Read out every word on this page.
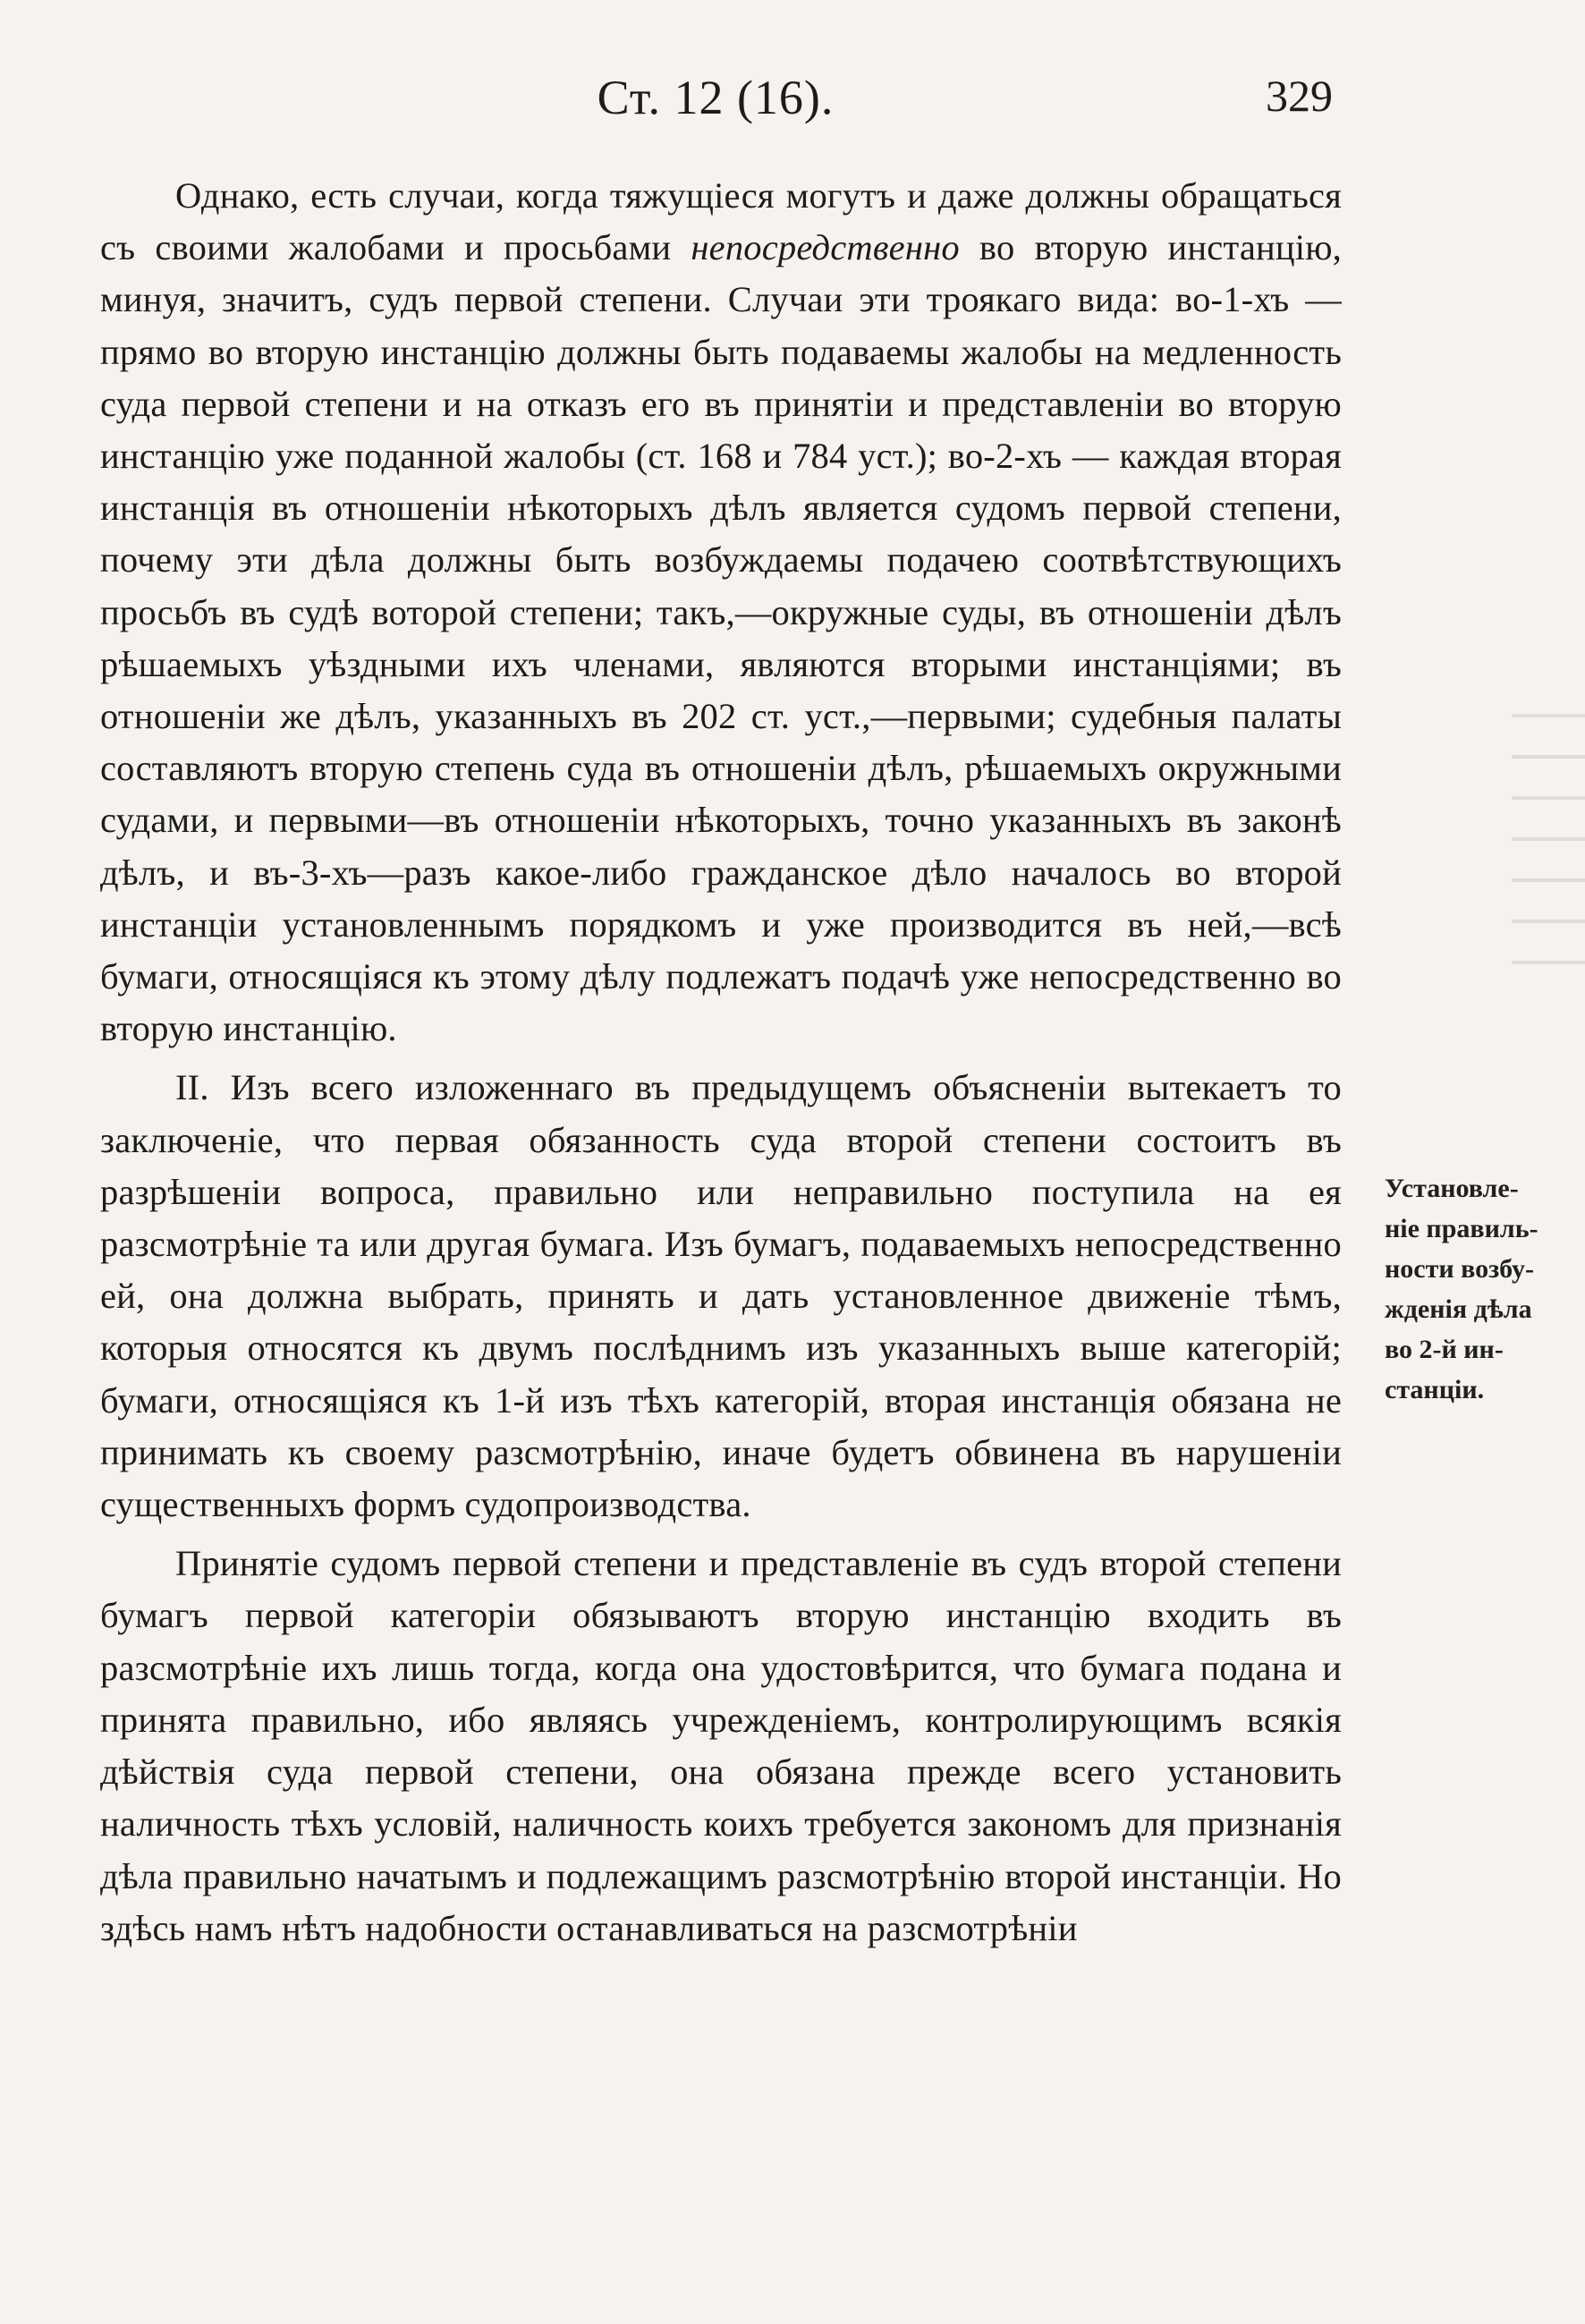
Ст. 12 (16).	329

Однако, есть случаи, когда тяжущіеся могутъ и даже должны обращаться съ своими жалобами и просьбами непосредственно во вторую инстанцію, минуя, значитъ, судъ первой степени. Случаи эти троякаго вида: во-1-хъ — прямо во вторую инстанцію должны быть подаваемы жалобы на медленность суда первой степени и на отказъ его въ принятіи и представленіи во вторую инстанцію уже поданной жалобы (ст. 168 и 784 уст.); во-2-хъ — каждая вторая инстанція въ отношеніи нѣкоторыхъ дѣлъ является судомъ первой степени, почему эти дѣла должны быть возбуждаемы подачею соотвѣтствующихъ просьбъ въ судѣ воторой степени; такъ,—окружные суды, въ отношеніи дѣлъ рѣшаемыхъ уѣздными ихъ членами, являются вторыми инстанціями; въ отношеніи же дѣлъ, указанныхъ въ 202 ст. уст.,—первыми; судебныя палаты составляютъ вторую степень суда въ отношеніи дѣлъ, рѣшаемыхъ окружными судами, и первыми—въ отношеніи нѣкоторыхъ, точно указанныхъ въ законѣ дѣлъ, и въ-3-хъ—разъ какое-либо гражданское дѣло началось во второй инстанціи установленнымъ порядкомъ и уже производится въ ней,—всѣ бумаги, относящіяся къ этому дѣлу подлежатъ подачѣ уже непосредственно во вторую инстанцію.

II. Изъ всего изложеннаго въ предыдущемъ объясненіи вытекаетъ то заключеніе, что первая обязанность суда второй степени состоитъ въ разрѣшеніи вопроса, правильно или неправильно поступила на ея разсмотрѣніе та или другая бумага. Изъ бумагъ, подаваемыхъ непосредственно ей, она должна выбрать, принять и дать установленное движеніе тѣмъ, которыя относятся къ двумъ послѣднимъ изъ указанныхъ выше категорій; бумаги, относящіяся къ 1-й изъ тѣхъ категорій, вторая инстанція обязана не принимать къ своему разсмотрѣнію, иначе будетъ обвинена въ нарушеніи существенныхъ формъ судопроизводства.

Принятіе судомъ первой степени и представленіе въ судъ второй степени бумагъ первой категоріи обязываютъ вторую инстанцію входить въ разсмотрѣніе ихъ лишь тогда, когда она удостовѣрится, что бумага подана и принята правильно, ибо являясь учрежденіемъ, контролирующимъ всякія дѣйствія суда первой степени, она обязана прежде всего установить наличность тѣхъ условій, наличность коихъ требуется закономъ для признанія дѣла правильно начатымъ и подлежащимъ разсмотрѣнію второй инстанціи. Но здѣсь намъ нѣтъ надобности останавливаться на разсмотрѣніи

Установле-
ніе правиль-
ности возбу-
жденія дѣла
во 2-й ин-
станціи.
